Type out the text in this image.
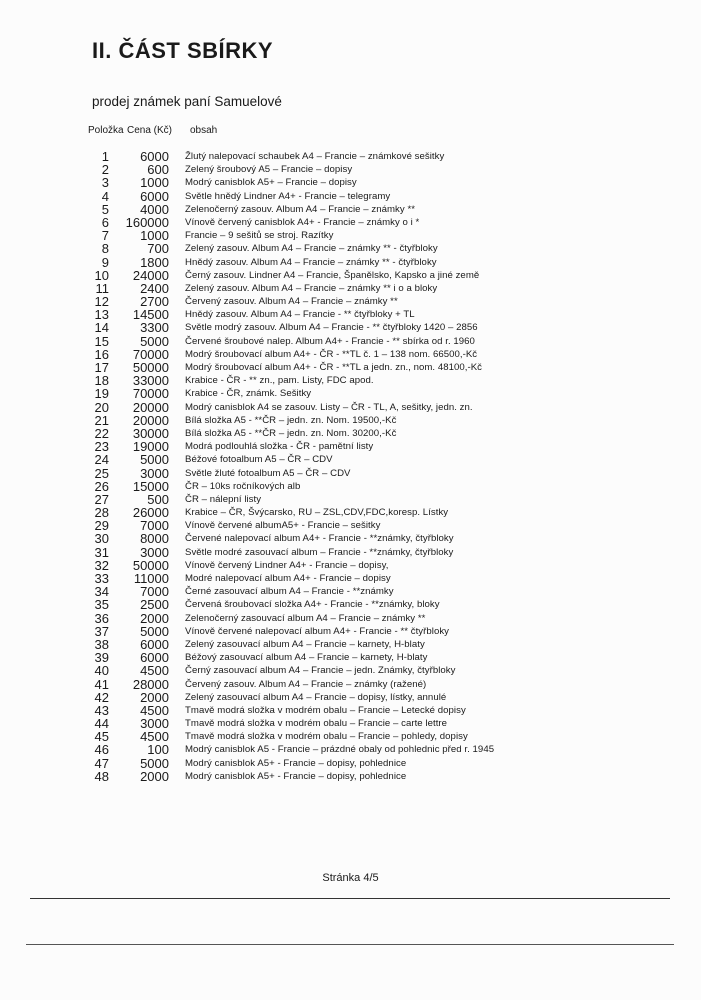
II. ČÁST SBÍRKY
prodej známek paní Samuelové
Položka Cena (Kč) obsah
1 6000 Žlutý nalepovací schaubek A4 – Francie – známkové sešitky
2	600 Zelený šroubový A5 – Francie – dopisy
3 1000 Modrý canisblok A5+ – Francie – dopisy
4 6000 Světle hnědý Lindner A4+ - Francie – telegramy
5 4000 Zelenočerný zasouv. Album A4 – Francie – známky **
6 160000 Vínově červený canisblok A4+ - Francie – známky o i *
7 1000 Francie – 9 sešitů se stroj. Razítky
8	700 Zelený zasouv. Album A4 – Francie – známky ** - čtyřbloky
9 1800 Hnědý zasouv. Album A4 – Francie – známky ** - čtyřbloky
10 24000 Černý zasouv. Lindner A4 – Francie, Španělsko, Kapsko a jiné země
11 2400 Zelený zasouv. Album A4 – Francie – známky ** i o a bloky
12 2700 Červený zasouv. Album A4 – Francie – známky **
13 14500 Hnědý zasouv. Album A4 – Francie - ** čtyřbloky + TL
14 3300 Světle modrý zasouv. Album A4 – Francie - ** čtyřbloky 1420 – 2856
15 5000 Červené šroubové nalep. Album A4+ - Francie - ** sbírka od r. 1960
16 70000 Modrý šroubovací album A4+ - ČR - **TL č. 1 – 138 nom. 66500,-Kč
17 50000 Modrý šroubovací album A4+ - ČR - **TL a jedn. zn., nom. 48100,-Kč
18 33000 Krabice - ČR - ** zn., pam. Listy, FDC apod.
19 70000 Krabice - ČR, známk. Sešitky
20 20000 Modrý canisblok A4 se zasouv. Listy – ČR - TL, A, sešitky, jedn. zn.
21 20000 Bílá složka A5 - **ČR – jedn. zn. Nom. 19500,-Kč
22 30000 Bílá složka A5 - **ČR – jedn. zn. Nom. 30200,-Kč
23 19000 Modrá podlouhlá složka - ČR - pamětní listy
24 5000 Béžové fotoalbum A5 – ČR – CDV
25 3000 Světle žluté fotoalbum A5 – ČR – CDV
26 15000 ČR – 10ks ročníkových alb
27	500 ČR – nálepní listy
28 26000 Krabice – ČR, Švýcarsko, RU – ZSL,CDV,FDC,koresp. Lístky
29 7000 Vínově červené albumA5+ - Francie – sešitky
30 8000 Červené nalepovací album A4+ - Francie - **známky, čtyřbloky
31 3000 Světle modré zasouvací album – Francie - **známky, čtyřbloky
32 50000 Vínově červený Lindner A4+ - Francie – dopisy,
33 11000 Modré nalepovací album A4+ - Francie – dopisy
34 7000 Černé zasouvací album A4 – Francie - **známky
35 2500 Červená šroubovací složka A4+ - Francie - **známky, bloky
36 2000 Zelenočerný zasouvací album A4 – Francie – známky **
37 5000 Vínově červené nalepovací album A4+ - Francie - ** čtyřbloky
38 6000 Zelený zasouvací album A4 – Francie – karnety, H-blaty
39 6000 Béžový zasouvací album A4 – Francie – karnety, H-blaty
40 4500 Černý zasouvací album A4 – Francie – jedn. Známky, čtyřbloky
41 28000 Červený zasouv. Album A4 – Francie – známky (ražené)
42 2000 Zelený zasouvací album A4 – Francie – dopisy, lístky, annulé
43 4500 Tmavě modrá složka v modrém obalu – Francie – Letecké dopisy
44 3000 Tmavě modrá složka v modrém obalu – Francie – carte lettre
45 4500 Tmavě modrá složka v modrém obalu – Francie – pohledy, dopisy
46	100 Modrý canisblok A5 - Francie – prázdné obaly od pohlednic před r. 1945
47 5000 Modrý canisblok A5+ - Francie – dopisy, pohlednice
48 2000 Modrý canisblok A5+ - Francie – dopisy, pohlednice
Stránka 4/5
